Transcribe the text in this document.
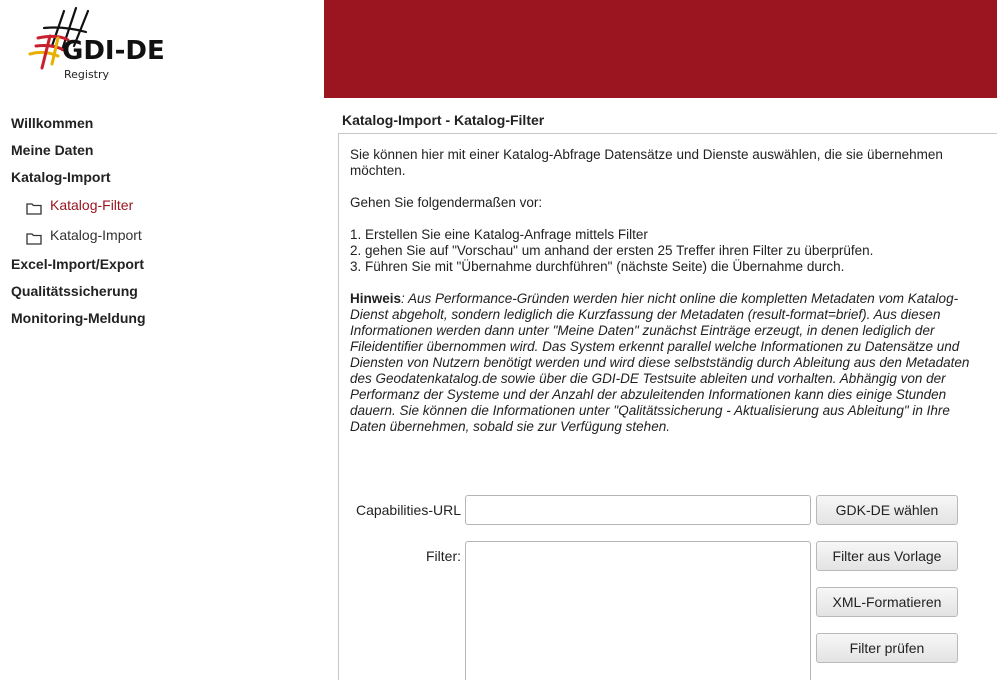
GDI-DE
Registry
Willkommen
Meine Daten
Katalog-Import
Katalog-Filter
Katalog-Import
Excel-Import/Export
Qualitätssicherung
Monitoring-Meldung
Katalog-Import - Katalog-Filter

Sie können hier mit einer Katalog-Abfrage Datensätze und Dienste auswählen, die sie übernehmen möchten.

Gehen Sie folgendermaßen vor:

1. Erstellen Sie eine Katalog-Anfrage mittels Filter
2. gehen Sie auf "Vorschau" um anhand der ersten 25 Treffer ihren Filter zu überprüfen.
3. Führen Sie mit "Übernahme durchführen" (nächste Seite) die Übernahme durch.

Hinweis: Aus Performance-Gründen werden hier nicht online die kompletten Metadaten vom Katalog-Dienst abgeholt, sondern lediglich die Kurzfassung der Metadaten (result-format=brief). Aus diesen Informationen werden dann unter "Meine Daten" zunächst Einträge erzeugt, in denen lediglich der Fileidentifier übernommen wird. Das System erkennt parallel welche Informationen zu Datensätze und Diensten von Nutzern benötigt werden und wird diese selbstständig durch Ableitung aus den Metadaten des Geodatenkatalog.de sowie über die GDI-DE Testsuite ableiten und vorhalten. Abhängig von der Performanz der Systeme und der Anzahl der abzuleitenden Informationen kann dies einige Stunden dauern. Sie können die Informationen unter "Qalitätssicherung - Aktualisierung aus Ableitung" in Ihre Daten übernehmen, sobald sie zur Verfügung stehen.

Capabilities-URL	GDK-DE wählen
Filter:	Filter aus Vorlage
XML-Formatieren
Filter prüfen
